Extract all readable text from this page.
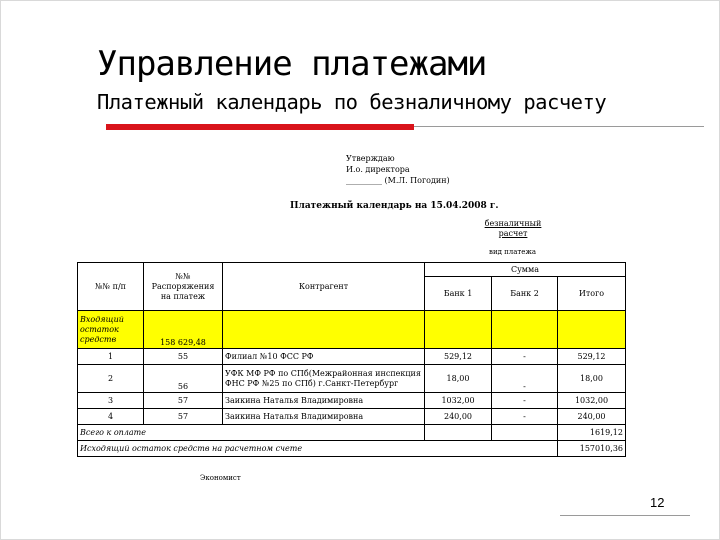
Управление платежами
Платежный календарь по безналичному расчету
Утверждаю
И.о. директора
_________ (М.Л. Погодин)
Платежный календарь на 15.04.2008 г.
безналичный расчет
вид платежа
№№ п/п	№№ Распоряжения на платеж	Контрагент	Сумма		
			Банк 1	Банк 2	Итого
Входящий остаток средств	158 629,48				
1	55	Филиал №10 ФСС РФ	529,12	-	529,12
2	56	УФК МФ РФ по СПб(Межрайонная инспекция ФНС РФ №25 по СПб) г.Санкт-Петербург	18,00	-	18,00
3	57	Заикина Наталья Владимировна	1032,00	-	1032,00
4	57	Заикина Наталья Владимировна	240,00	-	240,00
Всего к оплате					1619,12
Исходящий остаток средств на расчетном счете					157010,36
Экономист
12
